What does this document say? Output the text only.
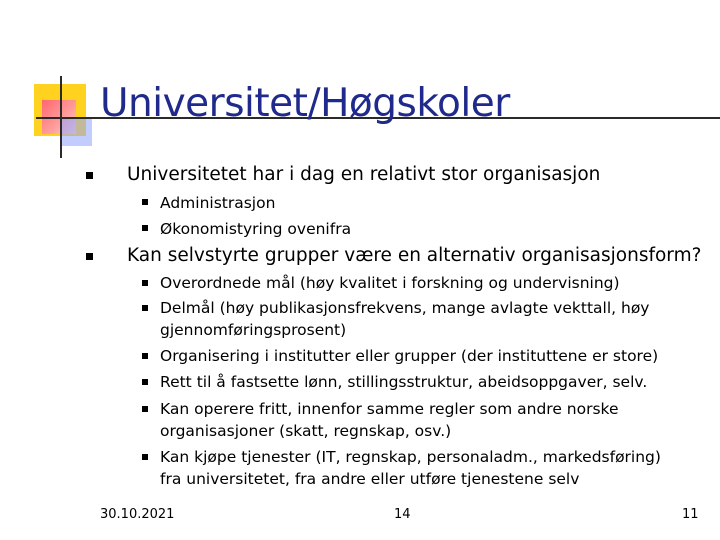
Universitet/Høgskoler
Universitetet har i dag en relativt stor organisasjon
Administrasjon
Økonomistyring ovenifra
Kan selvstyrte grupper være en alternativ organisasjonsform?
Overordnede mål (høy kvalitet i forskning og undervisning)
Delmål (høy publikasjonsfrekvens, mange avlagte vekttall, høy
gjennomføringsprosent)
Organisering i institutter eller grupper (der instituttene er store)
Rett til å fastsette lønn, stillingsstruktur, abeidsoppgaver, selv.
Kan operere fritt, innenfor samme regler som andre norske
organisasjoner (skatt, regnskap, osv.)
Kan kjøpe tjenester (IT, regnskap, personaladm., markedsføring)
fra universitetet, fra andre eller utføre tjenestene selv
30.10.2021	14	11
